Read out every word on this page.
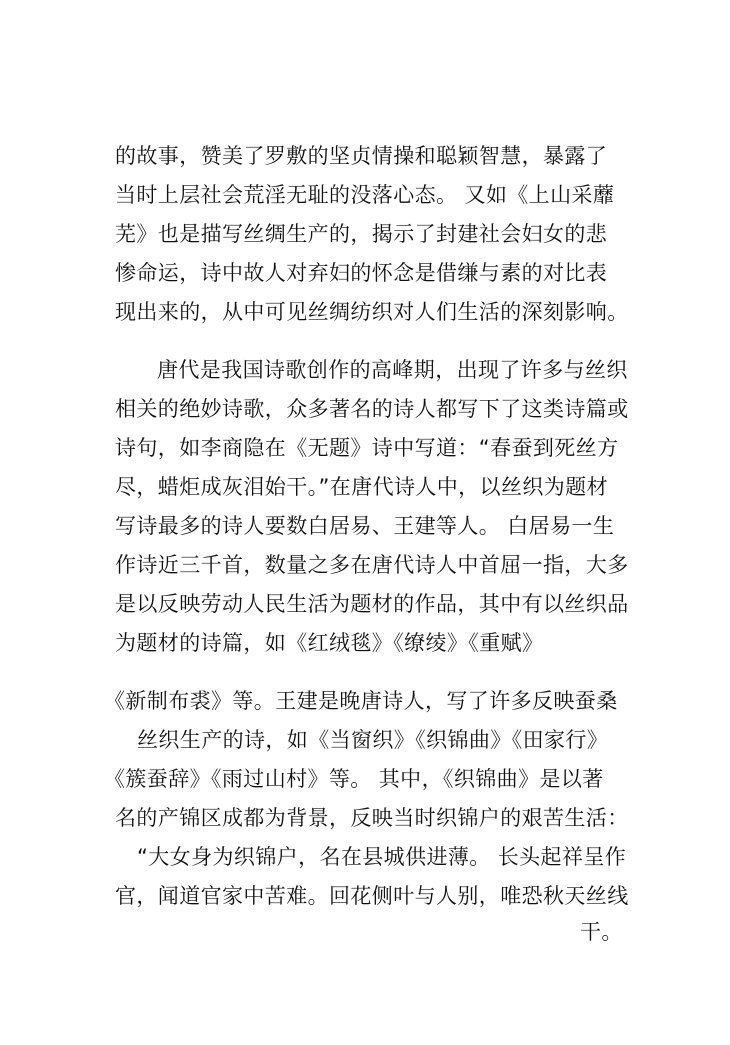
的故事，赞美了罗敷的坚贞情操和聪颖智慧，暴露了
当时上层社会荒淫无耻的没落心态。 又如《上山采蘼
芜》也是描写丝绸生产的，揭示了封建社会妇女的悲
惨命运，诗中故人对弃妇的怀念是借缣与素的对比表
现出来的，从中可见丝绸纺织对人们生活的深刻影响。
唐代是我国诗歌创作的高峰期，出现了许多与丝织
相关的绝妙诗歌，众多著名的诗人都写下了这类诗篇或
诗句，如李商隐在《无题》诗中写道：“春蚕到死丝方
尽，蜡炬成灰泪始干。”在唐代诗人中，以丝织为题材
写诗最多的诗人要数白居易、王建等人。 白居易一生
作诗近三千首，数量之多在唐代诗人中首屈一指，大多
是以反映劳动人民生活为题材的作品，其中有以丝织品
为题材的诗篇，如《红绒毯》《缭绫》《重赋》
《新制布裘》等。王建是晚唐诗人，写了许多反映蚕桑
丝织生产的诗，如《当窗织》《织锦曲》《田家行》
《簇蚕辞》《雨过山村》等。 其中，《织锦曲》是以著
名的产锦区成都为背景，反映当时织锦户的艰苦生活：
“大女身为织锦户，名在县城供进薄。 长头起祥呈作
官，闻道官家中苦难。回花侧叶与人别，唯恐秋天丝线
干。
